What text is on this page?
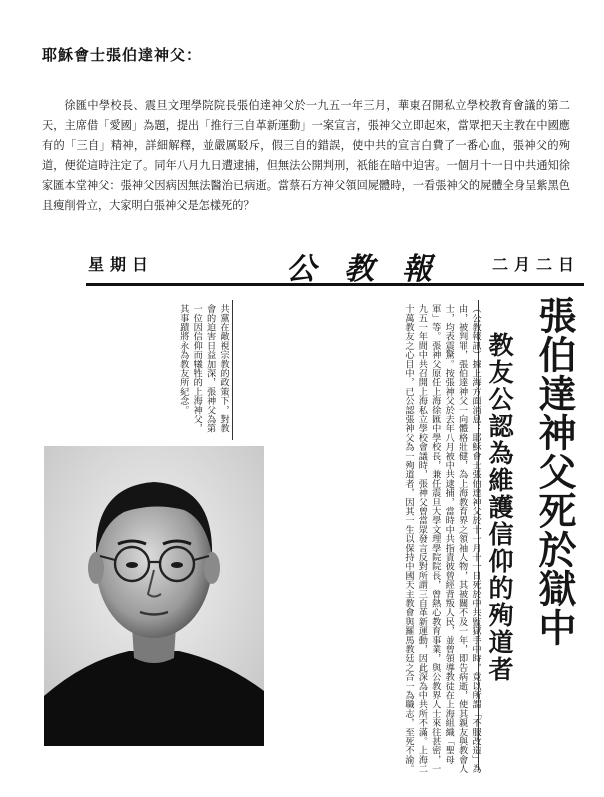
耶穌會士張伯達神父：

徐匯中學校長、震旦文理學院院長張伯達神父於一九五一年三月，華東召開私立學校教育會議的第二天，主席借「愛國」為題，提出「推行三自革新運動」一案宣言，張神父立即起來，當眾把天主教在中國應有的「三自」精神，詳細解釋，並嚴厲駁斥，假三自的錯誤，使中共的宣言白費了一番心血，張神父的殉道，便從這時注定了。同年八月九日遭逮捕，但無法公開判刑，祇能在暗中迫害。一個月十一日中共通知徐家匯本堂神父：張神父因病因無法醫治已病逝。當蔡石方神父領回屍體時，一看張神父的屍體全身呈紫黑色且瘦削骨立，大家明白張神父是怎樣死的？

星期日	公教報 二月二日
張伯達神父死於獄中
教友公認為維護信仰的殉道者
（公教報訊）據上海方面消息：耶穌會士張伯達神父於十一月十一日死於中共監獄手中時，竟以所謂「不服改造」為由，被判罪，張伯達神父一向體格壯健，為上海教育界之領袖人物，其被關不及一年，即告病逝，使其親友與教會人士，均表震驚。按張神父於去年八月被中共逮捕，當時中共指責彼曾經背叛人民，並曾領導教徒在上海組織「聖母軍」等。張神父原任上海徐匯中學校長，兼任震旦大學文理學院院長，曾熱心教育事業，與公教界人士來往甚密，一九五一年間中共召開上海私立學校會議時，張神父曾當眾發言反對所謂三自革新運動，因此深為中共所不滿。上海二十萬教友之心目中，已公認張神父為一殉道者，因其一生以保持中國天主教會與羅馬教廷之合一為職志，至死不渝。
共黨在敵視宗教的政策下，對教會的迫害日益加深，張神父為第一位因信仰而犧牲的上海神父，其事蹟將永為教友所紀念。
